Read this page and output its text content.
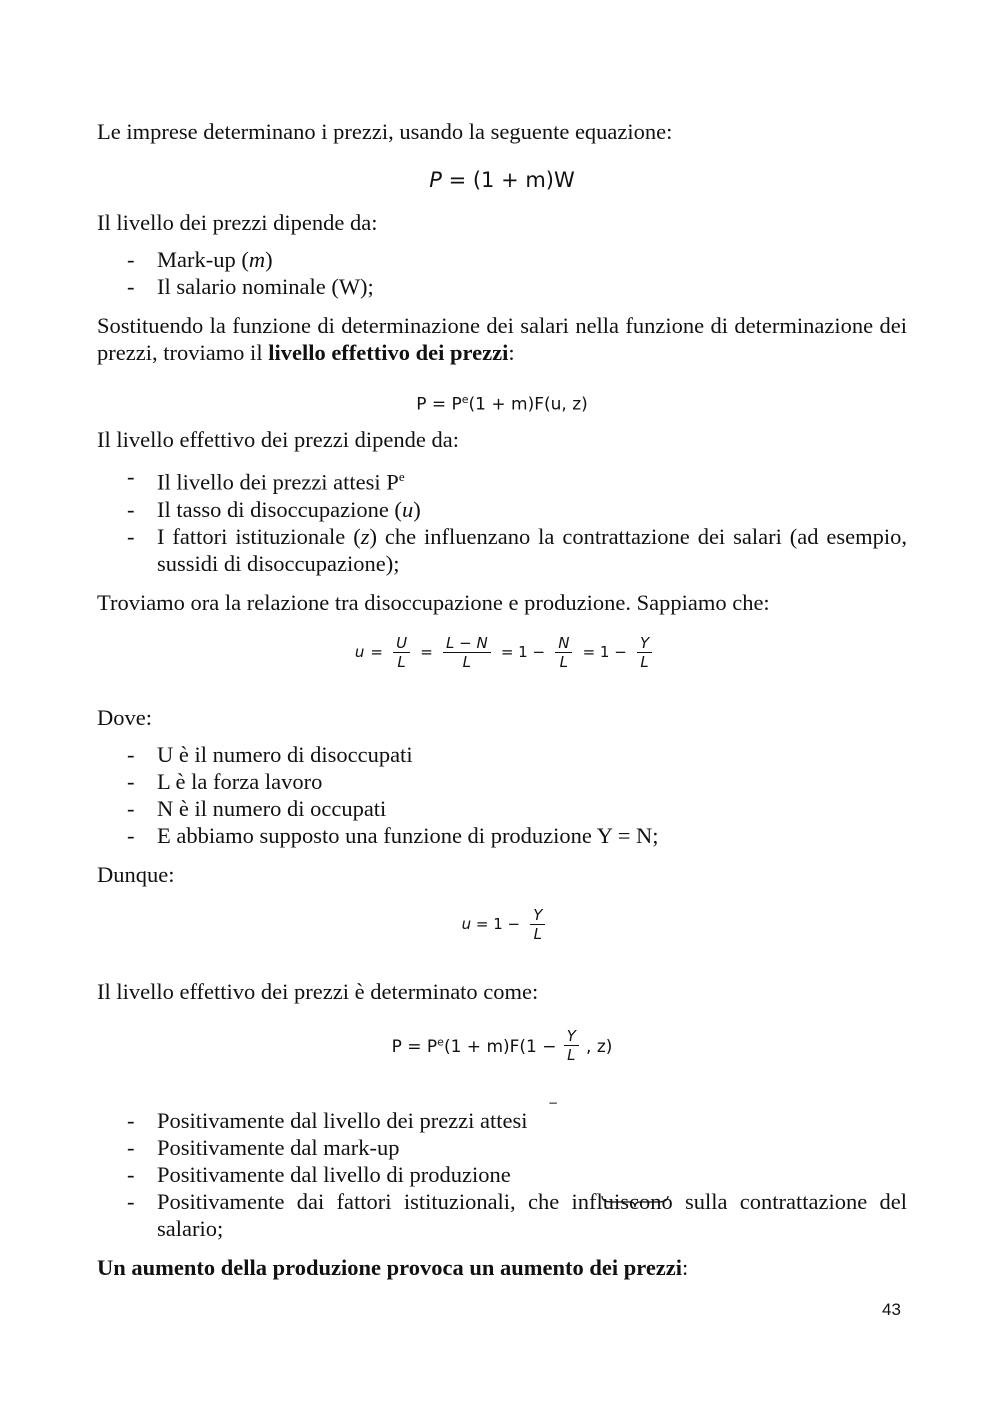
Le imprese determinano i prezzi, usando la seguente equazione:

P = (1 + m)W

Il livello dei prezzi dipende da:

- Mark-up (m)
- Il salario nominale (W);

Sostituendo la funzione di determinazione dei salari nella funzione di determinazione dei prezzi, troviamo il livello effettivo dei prezzi:

$P = P^e(1 + m)F(u$, z)

Il livello effettivo dei prezzi dipende da:

- Il livello dei prezzi attesi $P^e$
- Il tasso di disoccupazione (u)
- I fattori istituzionale (z) che influenzano la contrattazione dei salari (ad esempio, sussidi di disoccupazione);

Troviamo ora la relazione tra disoccupazione e produzione. Sappiamo che:

$u = \frac{U}{L} = \frac{L - N}{L} = 1 - \frac{N}{L} = 1 - \frac{Y}{L}$

Dove:

- U è il numero di disoccupati
- L è la forza lavoro
- N è il numero di occupati
- E abbiamo supposto una funzione di produzione Y = N;

Dunque:

$u = 1 - \frac{Y}{L}$

Il livello effettivo dei prezzi è determinato come:

$P = P^e(1 + m)F(1 - \frac{Y}{L}$ , z)
- Positivamente dal livello dei prezzi attesi
- Positivamente dal mark-up
- Positivamente dal livello di produzione
- Positivamente dai fattori istituzionali, che influiscono sulla contrattazione del salario;

Un aumento della produzione provoca un aumento dei prezzi:

−
43
